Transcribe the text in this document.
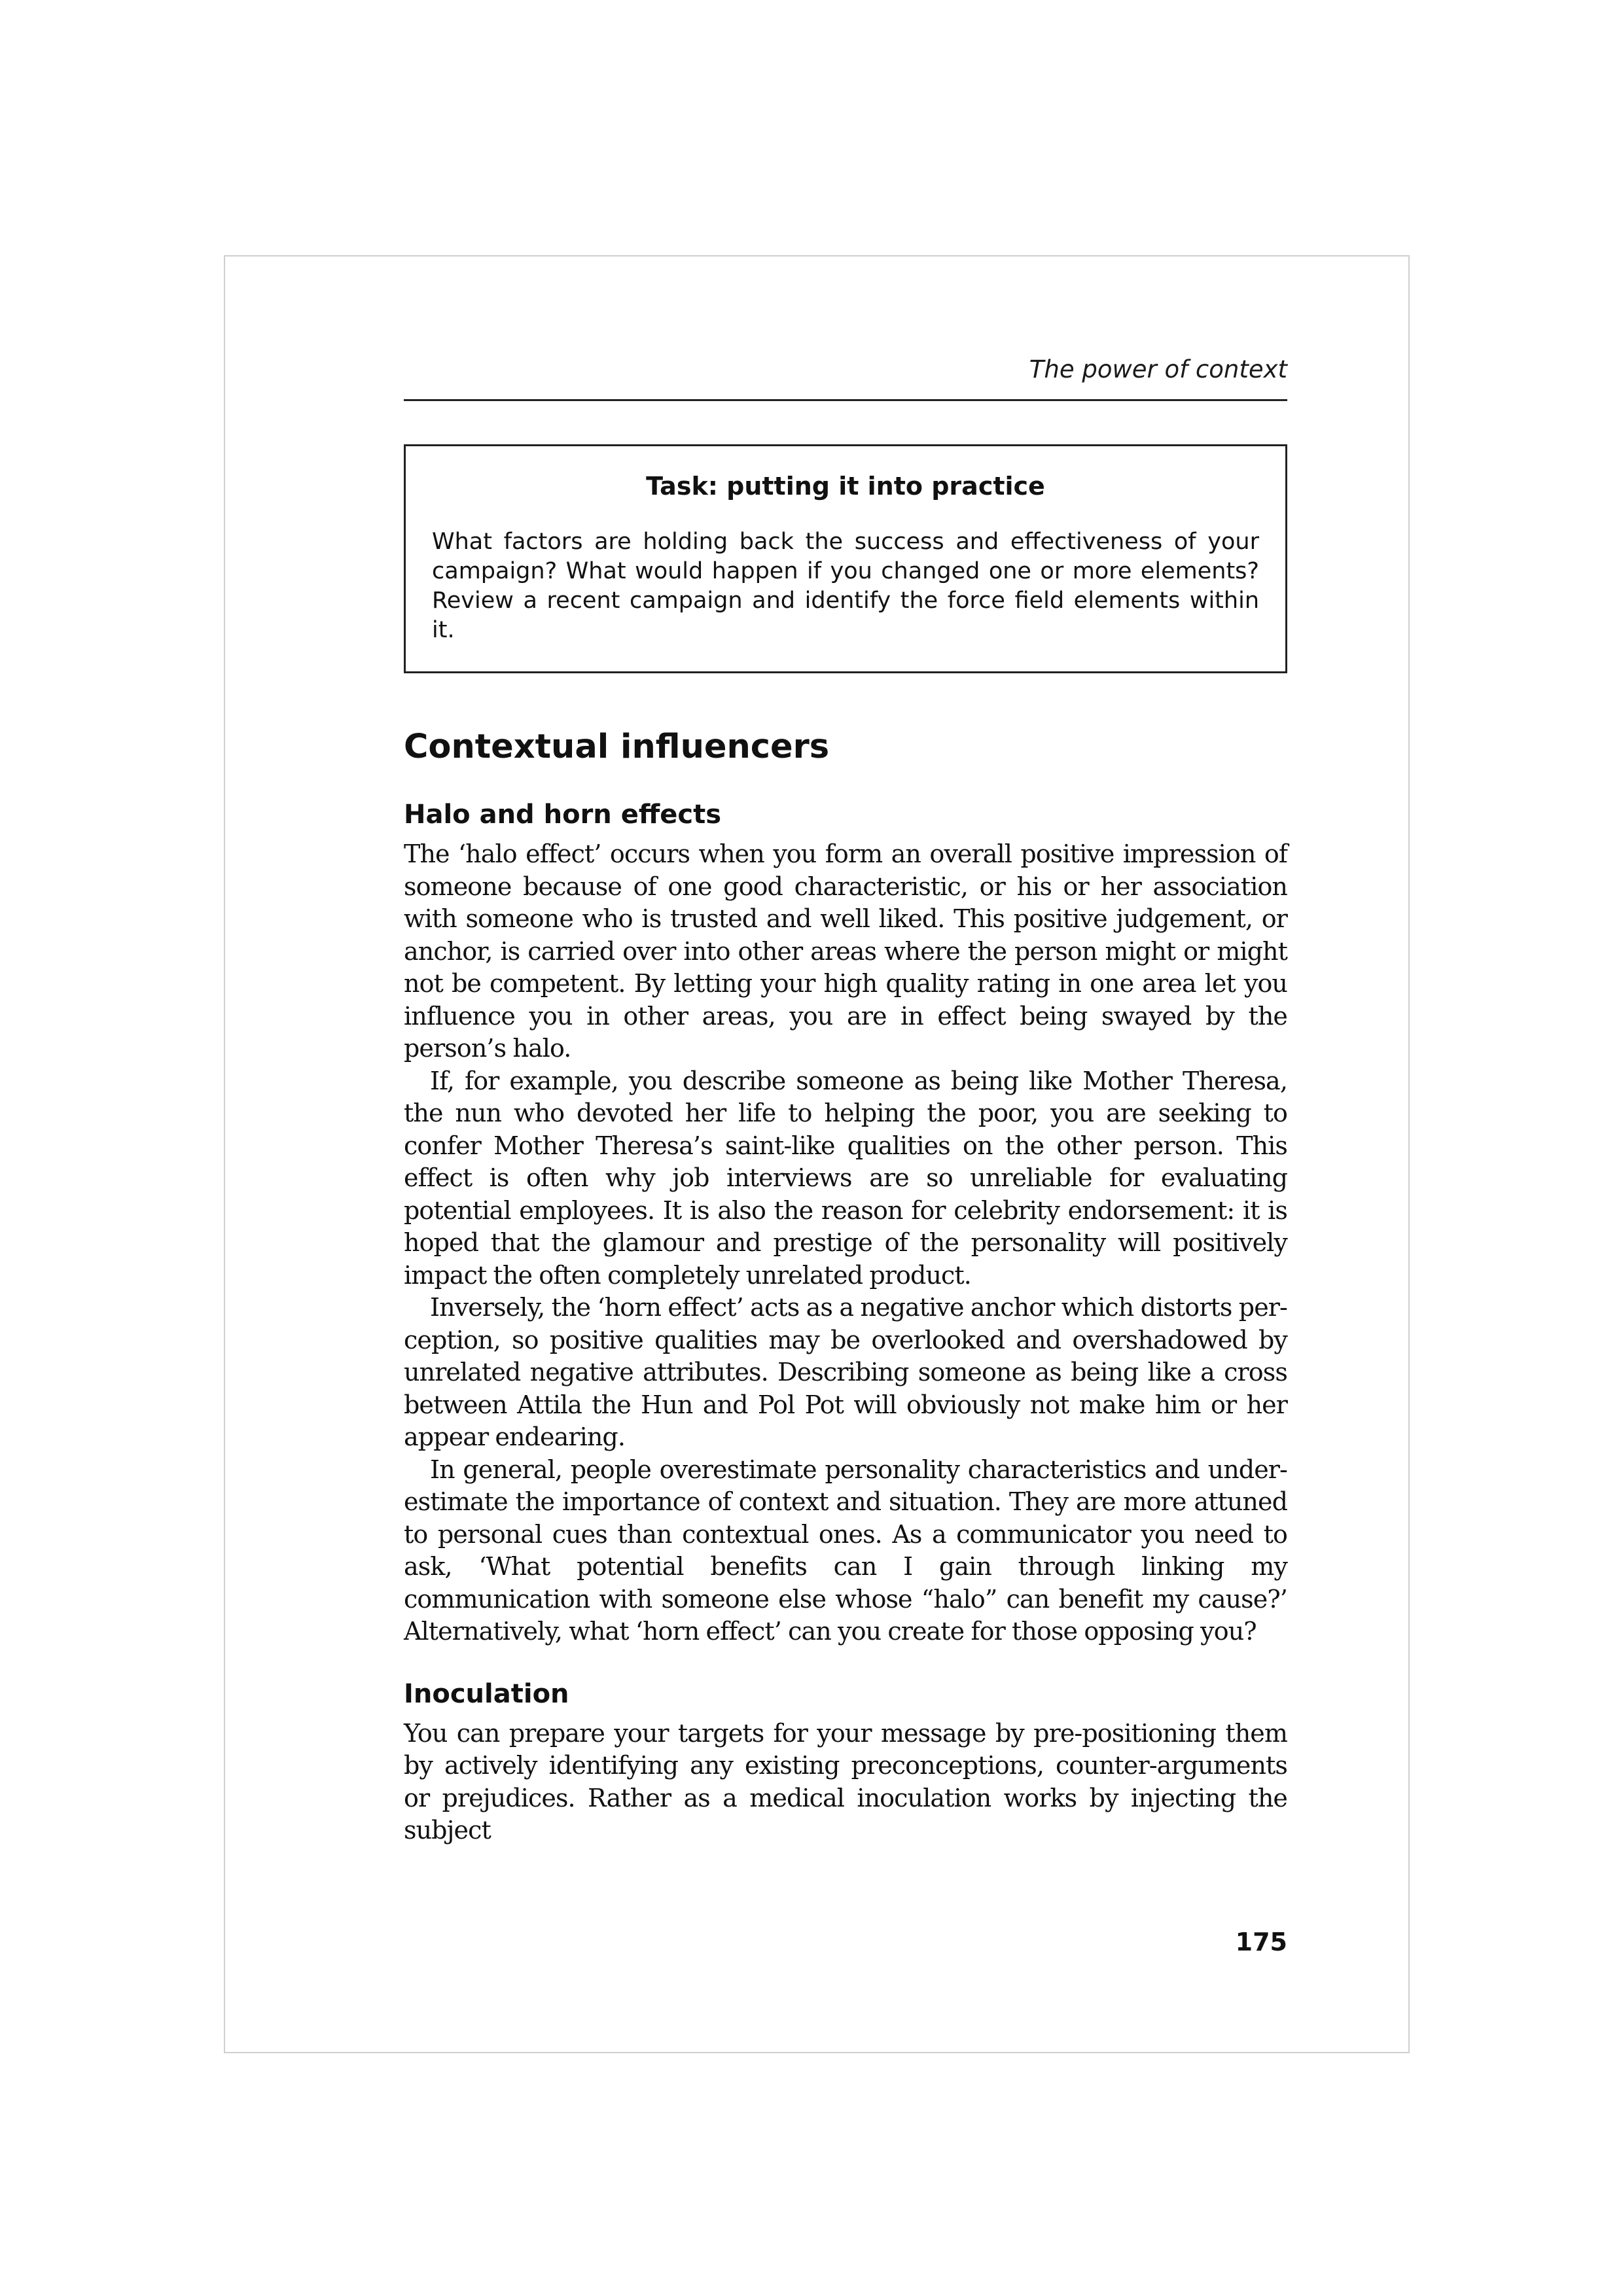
The power of context

Task: putting it into practice

What factors are holding back the success and effectiveness of your campaign? What would happen if you changed one or more elements? Review a recent campaign and identify the force field elements within it.

Contextual influencers
Halo and horn effects

The ‘halo effect’ occurs when you form an overall positive impression of someone because of one good characteristic, or his or her association with someone who is trusted and well liked. This positive judgement, or anchor, is carried over into other areas where the person might or might not be competent. By letting your high quality rating in one area let you influence you in other areas, you are in effect being swayed by the person’s halo.

If, for example, you describe someone as being like Mother Theresa, the nun who devoted her life to helping the poor, you are seeking to confer Mother Theresa’s saint-like qualities on the other person. This effect is often why job interviews are so unreliable for evaluating potential employees. It is also the reason for celebrity endorsement: it is hoped that the glamour and prestige of the personality will positively impact the often completely unrelated product.

Inversely, the ‘horn effect’ acts as a negative anchor which distorts per-ception, so positive qualities may be overlooked and overshadowed by unrelated negative attributes. Describing someone as being like a cross between Attila the Hun and Pol Pot will obviously not make him or her appear endearing.

In general, people overestimate personality characteristics and under-estimate the importance of context and situation. They are more attuned to personal cues than contextual ones. As a communicator you need to ask, ‘What potential benefits can I gain through linking my communication with someone else whose “halo” can benefit my cause?’ Alternatively, what ‘horn effect’ can you create for those opposing you?

Inoculation

You can prepare your targets for your message by pre-positioning them by actively identifying any existing preconceptions, counter-arguments or prejudices. Rather as a medical inoculation works by injecting the subject

175
